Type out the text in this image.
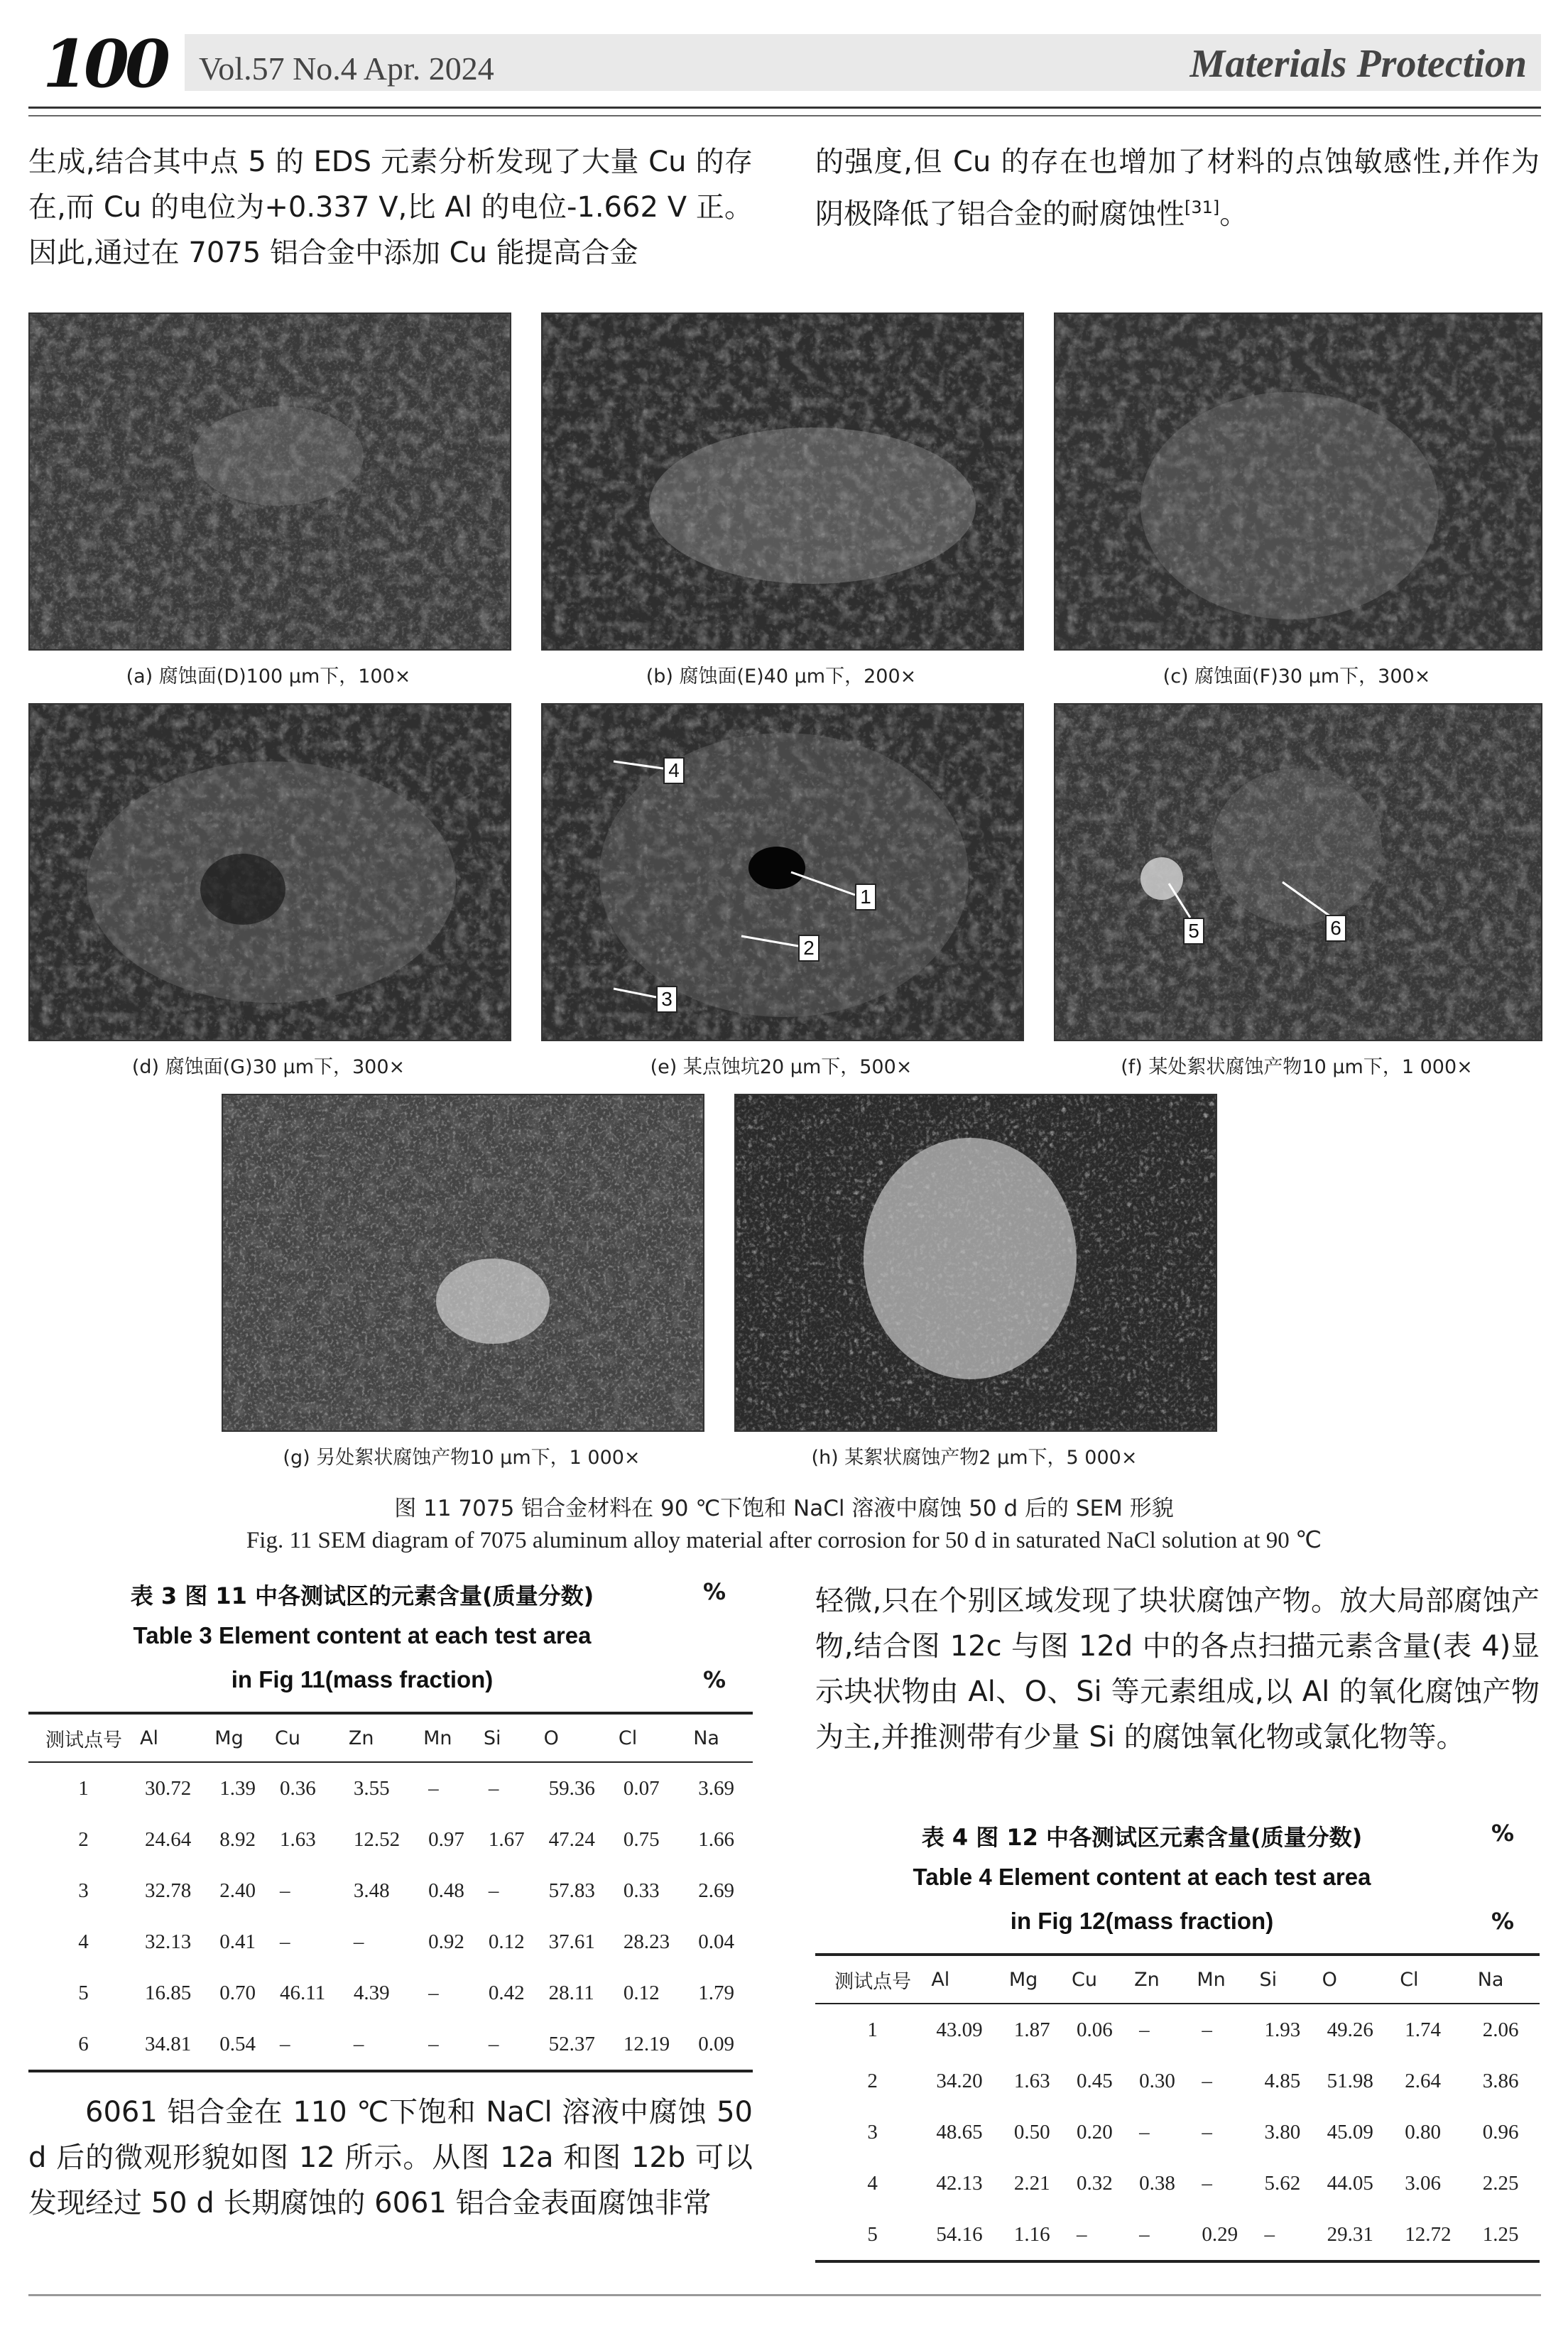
100 Vol.57 No.4 Apr. 2024	Materials Protection
生成,结合其中点 5 的 EDS 元素分析发现了大量 Cu 的存在,而 Cu 的电位为+0.337 V,比 Al 的电位-1.662 V 正。因此,通过在 7075 铝合金中添加 Cu 能提高合金
的强度,但 Cu 的存在也增加了材料的点蚀敏感性,并作为阴极降低了铝合金的耐腐蚀性[31]。
(a) 腐蚀面(D)100 μm下，100×	(b) 腐蚀面(E)40 μm下，200×	(c) 腐蚀面(F)30 μm下，300×
1
2
3
4
5	6
(d) 腐蚀面(G)30 μm下，300×	(e) 某点蚀坑20 μm下，500×	(f) 某处絮状腐蚀产物10 μm下，1 000×
(g) 另处絮状腐蚀产物10 μm下，1 000×	(h) 某絮状腐蚀产物2 μm下，5 000×
图 11 7075 铝合金材料在 90 ℃下饱和 NaCl 溶液中腐蚀 50 d 后的 SEM 形貌
Fig. 11 SEM diagram of 7075 aluminum alloy material after corrosion for 50 d in saturated NaCl solution at 90 ℃
表 3 图 11 中各测试区的元素含量(质量分数)	%
Table 3 Element content at each test area
in Fig 11(mass fraction)	%
测试点号	Al	Mg	Cu	Zn	Mn	Si	O	Cl	Na
1	30.72	1.39	0.36	3.55	–	–	59.36	0.07	3.69
2	24.64	8.92	1.63	12.52	0.97	1.67	47.24	0.75	1.66
3	32.78	2.40	–	3.48	0.48	–	57.83	0.33	2.69
4	32.13	0.41	–	–	0.92	0.12	37.61	28.23	0.04
5	16.85	0.70	46.11	4.39	–	0.42	28.11	0.12	1.79
6	34.81	0.54	–	–	–	–	52.37	12.19	0.09
表 4 图 12 中各测试区元素含量(质量分数)	%
Table 4 Element content at each test area
in Fig 12(mass fraction)	%
测试点号	Al	Mg	Cu	Zn	Mn	Si	O	Cl	Na
1	43.09	1.87	0.06	–	–	1.93	49.26	1.74	2.06
2	34.20	1.63	0.45	0.30	–	4.85	51.98	2.64	3.86
3	48.65	0.50	0.20	–	–	3.80	45.09	0.80	0.96
4	42.13	2.21	0.32	0.38	–	5.62	44.05	3.06	2.25
5	54.16	1.16	–	–	0.29	–	29.31	12.72	1.25
6061 铝合金在 110 ℃下饱和 NaCl 溶液中腐蚀 50 d 后的微观形貌如图 12 所示。从图 12a 和图 12b 可以发现经过 50 d 长期腐蚀的 6061 铝合金表面腐蚀非常
轻微,只在个别区域发现了块状腐蚀产物。放大局部腐蚀产物,结合图 12c 与图 12d 中的各点扫描元素含量(表 4)显示块状物由 Al、O、Si 等元素组成,以 Al 的氧化腐蚀产物为主,并推测带有少量 Si 的腐蚀氧化物或氯化物等。
